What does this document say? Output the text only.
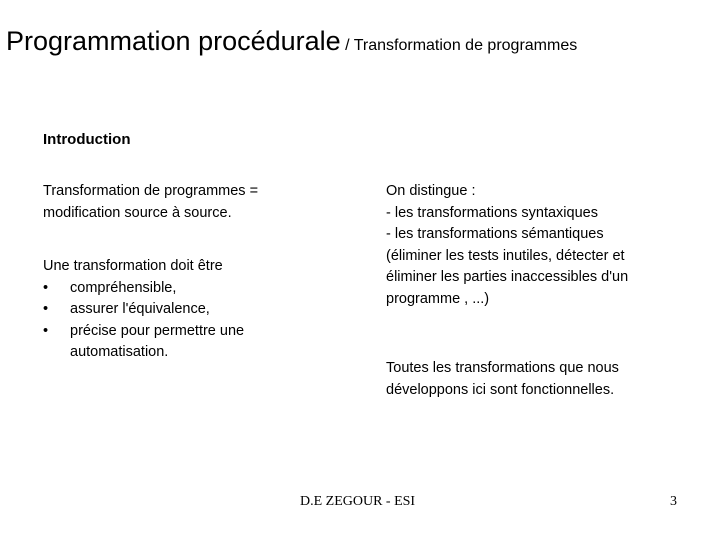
Programmation procédurale / Transformation de programmes
Introduction

Transformation de programmes =

modification source à source.

Une transformation doit être

• compréhensible,
• assurer l'équivalence,
• précise pour permettre une
automatisation.

On distingue :

- les transformations syntaxiques

- les transformations sémantiques

(éliminer les tests inutiles, détecter et

éliminer les parties inaccessibles d'un

programme , ...)

Toutes les transformations que nous

développons ici sont fonctionnelles.

D.E ZEGOUR - ESI	3
